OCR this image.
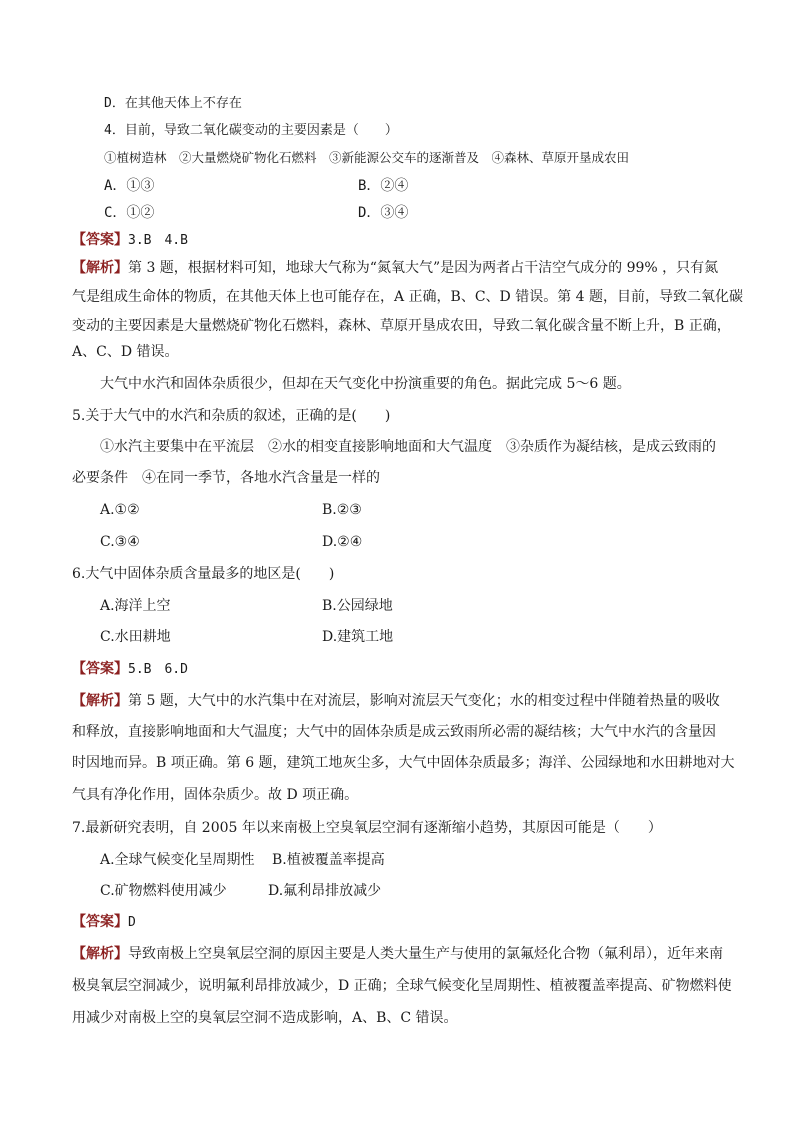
D．在其他天体上不存在
4．目前，导致二氧化碳变动的主要因素是（　　）
①植树造林　②大量燃烧矿物化石燃料　③新能源公交车的逐渐普及　④森林、草原开垦成农田
A．①③	B．②④
C．①②	D．③④
【答案】3.B　4.B
【解析】第 3 题，根据材料可知，地球大气称为“氮氧大气”是因为两者占干洁空气成分的 99% ，只有氮
气是组成生命体的物质，在其他天体上也可能存在，A 正确，B、C、D 错误。第 4 题，目前，导致二氧化碳
变动的主要因素是大量燃烧矿物化石燃料，森林、草原开垦成农田，导致二氧化碳含量不断上升，B 正确，
A、C、D 错误。
大气中水汽和固体杂质很少，但却在天气变化中扮演重要的角色。据此完成 5～6 题。
5.关于大气中的水汽和杂质的叙述，正确的是(　　)
①水汽主要集中在平流层　②水的相变直接影响地面和大气温度　③杂质作为凝结核，是成云致雨的
必要条件　④在同一季节，各地水汽含量是一样的
A.①②	B.②③
C.③④	D.②④
6.大气中固体杂质含量最多的地区是(　　)
A.海洋上空	B.公园绿地
C.水田耕地	D.建筑工地
【答案】5.B　6.D
【解析】第 5 题，大气中的水汽集中在对流层，影响对流层天气变化；水的相变过程中伴随着热量的吸收
和释放，直接影响地面和大气温度；大气中的固体杂质是成云致雨所必需的凝结核；大气中水汽的含量因
时因地而异。B 项正确。第 6 题，建筑工地灰尘多，大气中固体杂质最多；海洋、公园绿地和水田耕地对大
气具有净化作用，固体杂质少。故 D 项正确。
7.最新研究表明，自 2005 年以来南极上空臭氧层空洞有逐渐缩小趋势，其原因可能是（　　）
A.全球气候变化呈周期性 B.植被覆盖率提高
C.矿物燃料使用减少	D.氟利昂排放减少
【答案】D
【解析】导致南极上空臭氧层空洞的原因主要是人类大量生产与使用的氯氟烃化合物（氟利昂），近年来南
极臭氧层空洞减少，说明氟利昂排放减少，D 正确；全球气候变化呈周期性、植被覆盖率提高、矿物燃料使
用减少对南极上空的臭氧层空洞不造成影响，A、B、C 错误。
